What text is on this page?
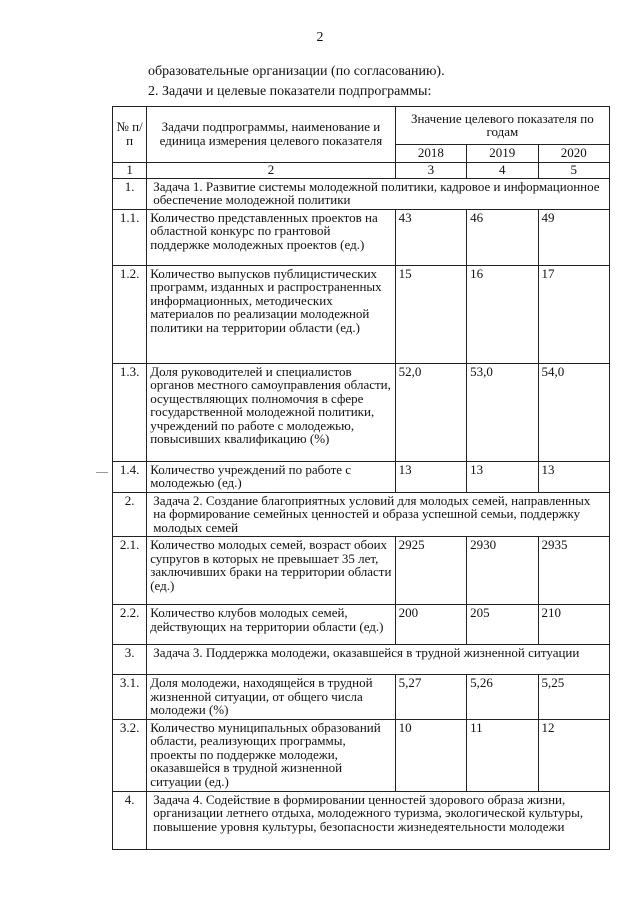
2
образовательные организации (по согласованию).
2. Задачи и целевые показатели подпрограммы:
№ п/п	Задачи подпрограммы, наименование и единица измерения целевого показателя	Значение целевого показателя по годам		
		2018	2019	2020
1	2	3	4	5
1.	Задача 1. Развитие системы молодежной политики, кадровое и информационное обеспечение молодежной политики			
1.1.	Количество представленных проектов на областной конкурс по грантовой поддержке молодежных проектов (ед.)	43	46	49
1.2.	Количество выпусков публицистических программ, изданных и распространенных информационных, методических материалов по реализации молодежной политики на территории области (ед.)	15	16	17
1.3.	Доля руководителей и специалистов органов местного самоуправления области, осуществляющих полномочия в сфере государственной молодежной политики, учреждений по работе с молодежью, повысивших квалификацию (%)	52,0	53,0	54,0
1.4.	Количество учреждений по работе с молодежью (ед.)	13	13	13
2.	Задача 2. Создание благоприятных условий для молодых семей, направленных на формирование семейных ценностей и образа успешной семьи, поддержку молодых семей			
2.1.	Количество молодых семей, возраст обоих супругов в которых не превышает 35 лет, заключивших браки на территории области (ед.)	2925	2930	2935
2.2.	Количество клубов молодых семей, действующих на территории области (ед.)	200	205	210
3.	Задача 3. Поддержка молодежи, оказавшейся в трудной жизненной ситуации			
3.1.	Доля молодежи, находящейся в трудной жизненной ситуации, от общего числа молодежи (%)	5,27	5,26	5,25
3.2.	Количество муниципальных образований области, реализующих программы, проекты по поддержке молодежи, оказавшейся в трудной жизненной ситуации (ед.)	10	11	12
4.	Задача 4. Содействие в формировании ценностей здорового образа жизни, организации летнего отдыха, молодежного туризма, экологической культуры, повышение уровня культуры, безопасности жизнедеятельности молодежи			
